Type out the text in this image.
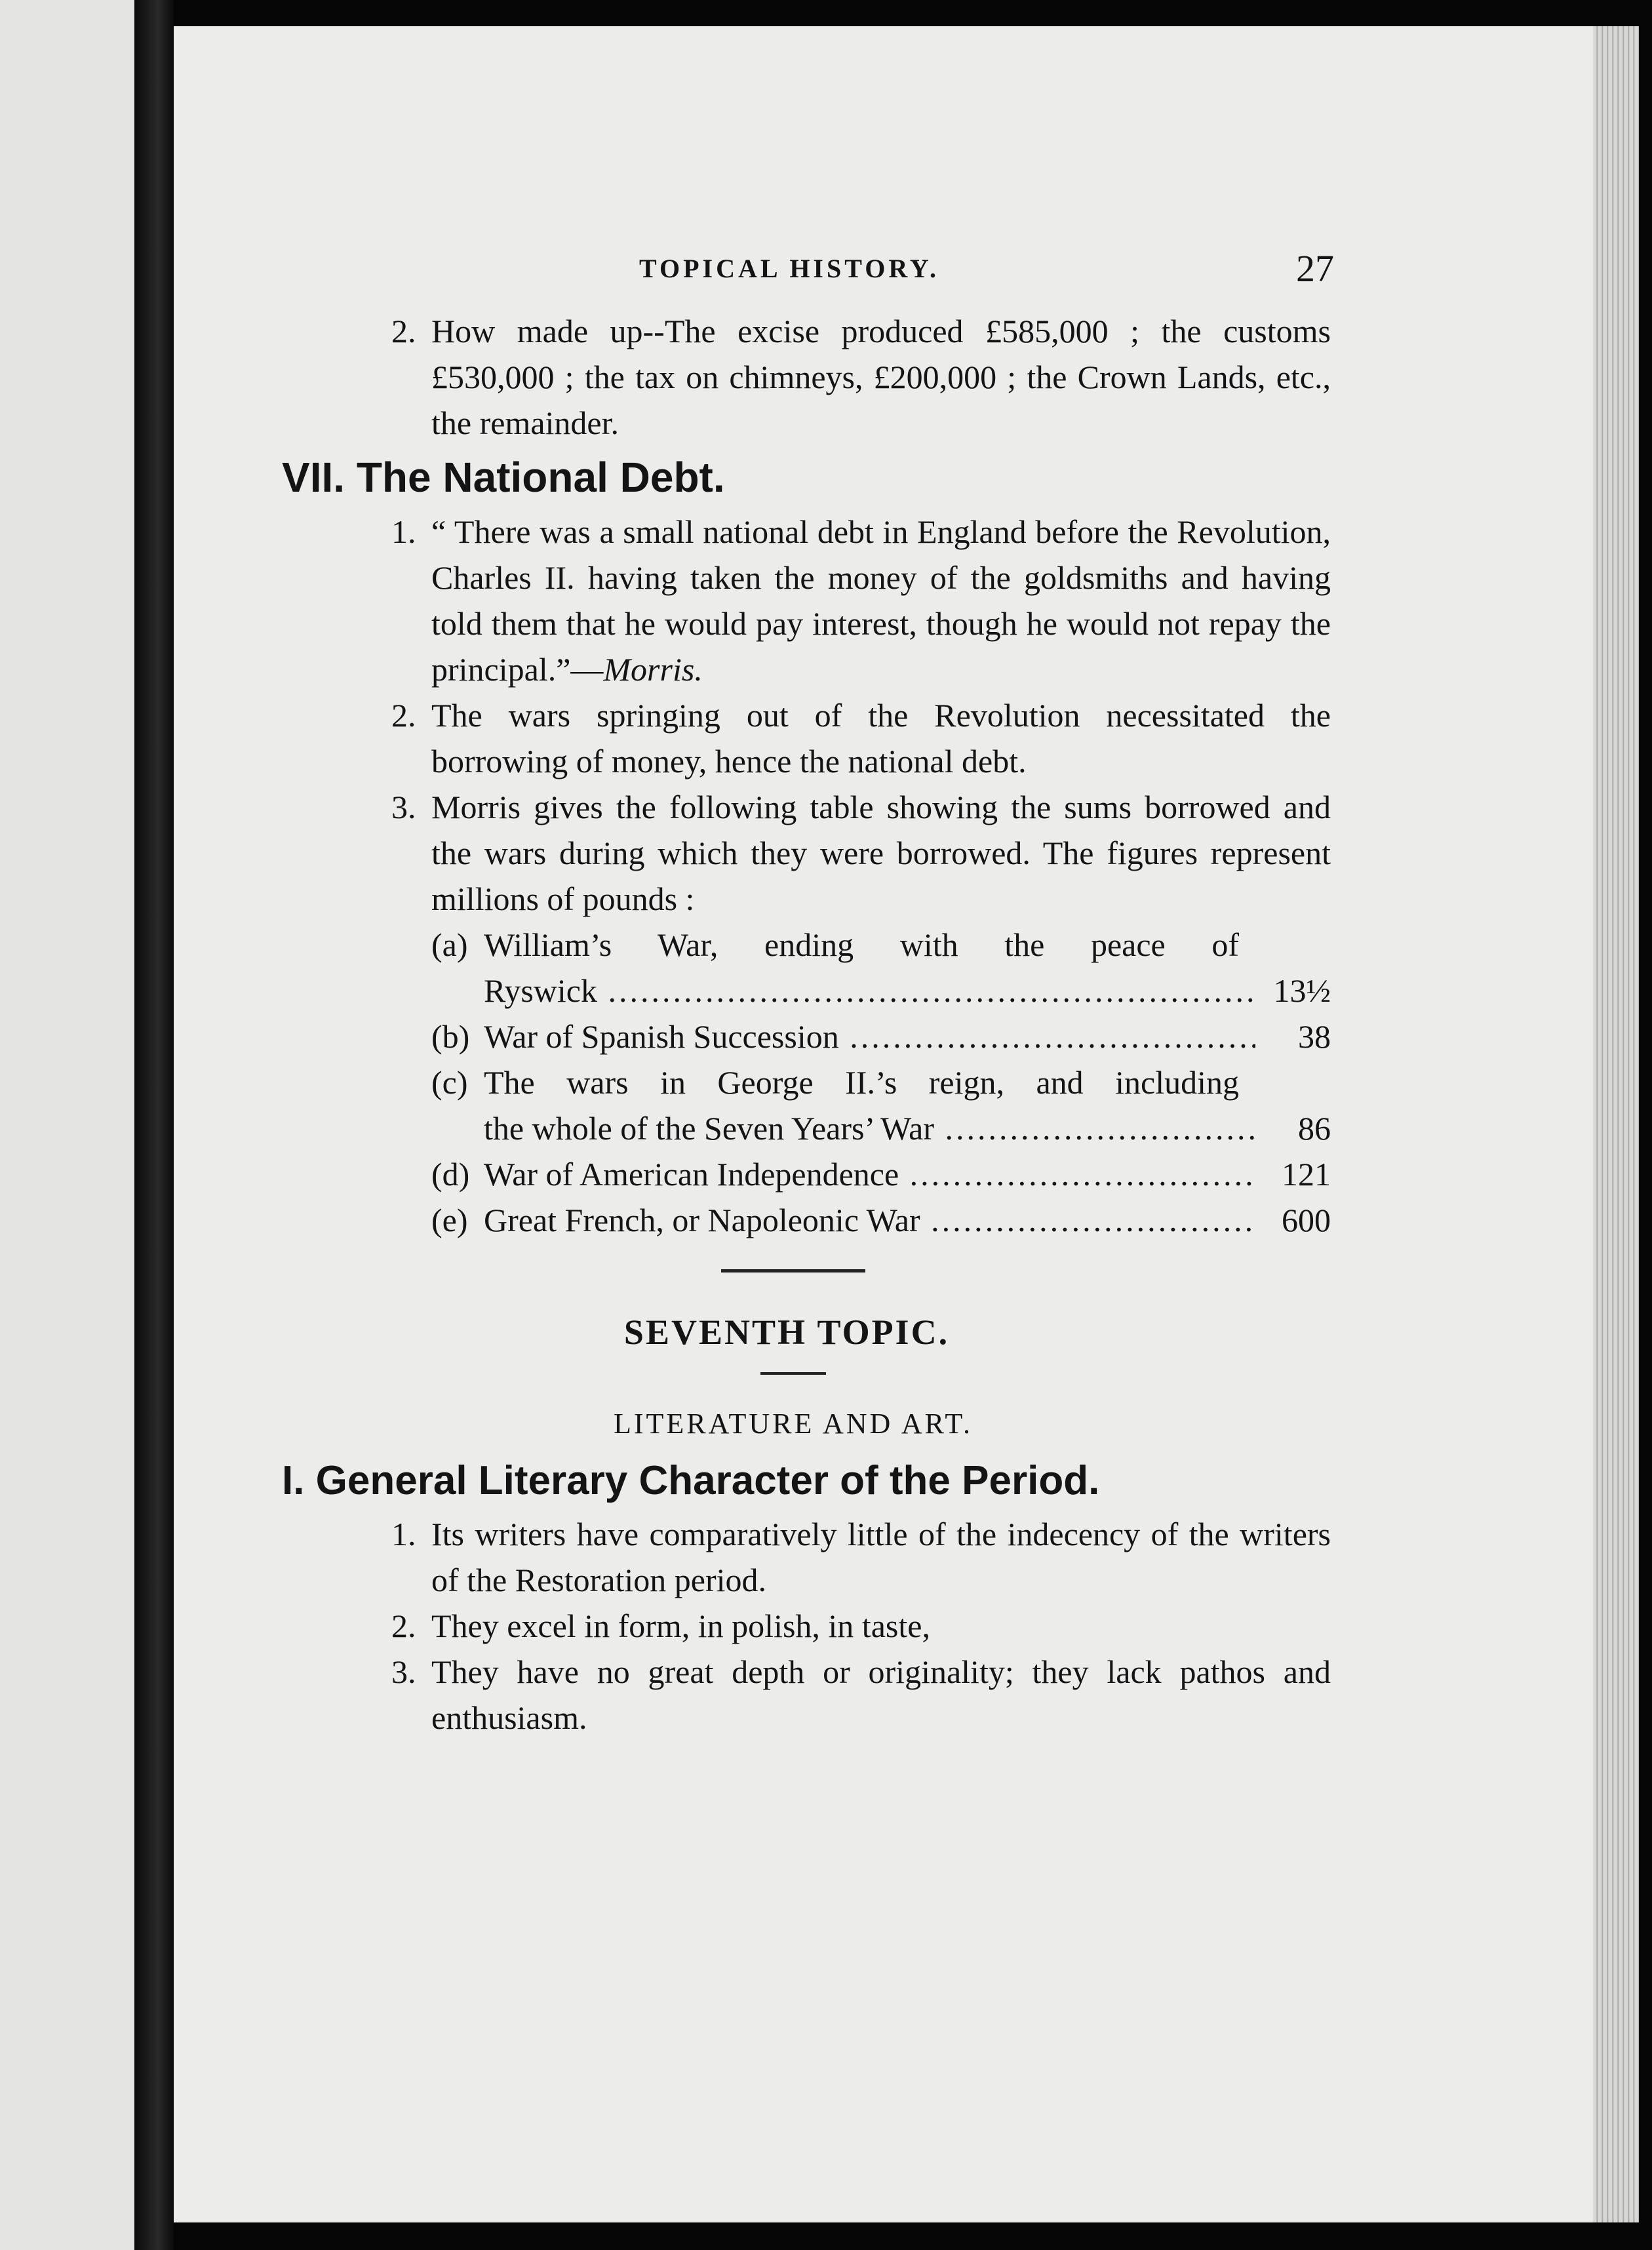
TOPICAL HISTORY.	27
2. How made up--The excise produced £585,000 ; the customs £530,000 ; the tax on chimneys, £200,000 ; the Crown Lands, etc., the remainder.
VII. The National Debt.
1. “ There was a small national debt in England before the Revolution, Charles II. having taken the money of the goldsmiths and having told them that he would pay interest, though he would not repay the principal.”—Morris.
2. The wars springing out of the Revolution necessitated the borrowing of money, hence the national debt.
3. Morris gives the following table showing the sums borrowed and the wars during which they were borrowed. The figures represent millions of pounds :
(a) William’s War, ending with the peace of
Ryswick .....	13½
(b) War of Spanish Succession .....	38
(c) The wars in George II.’s reign, and including
the whole of the Seven Years’ War .....	86
(d) War of American Independence .....	121
(e) Great French, or Napoleonic War .....	600
SEVENTH TOPIC.
LITERATURE AND ART.
I. General Literary Character of the Period.
1. Its writers have comparatively little of the indecency of the writers of the Restoration period.
2. They excel in form, in polish, in taste,
3. They have no great depth or originality; they lack pathos and enthusiasm.
